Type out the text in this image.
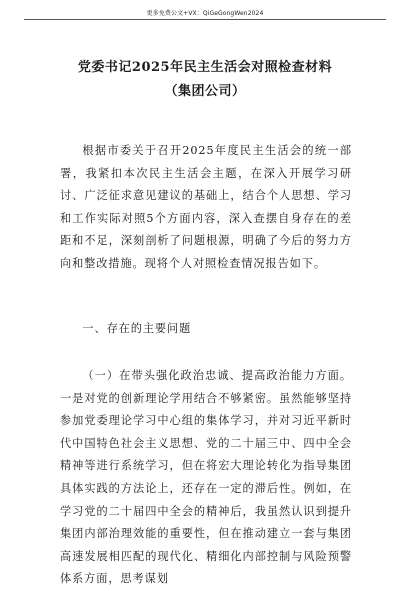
更多免费公文+VX：QiGeGongWen2024
党委书记2025年民主生活会对照检查材料
（集团公司）

根据市委关于召开2025年度民主生活会的统一部署，我紧扣本次民主生活会主题，在深入开展学习研讨、广泛征求意见建议的基础上，结合个人思想、学习和工作实际对照5个方面内容，深入查摆自身存在的差距和不足，深刻剖析了问题根源，明确了今后的努力方向和整改措施。现将个人对照检查情况报告如下。

一、存在的主要问题

（一）在带头强化政治忠诚、提高政治能力方面。一是对党的创新理论学用结合不够紧密。虽然能够坚持参加党委理论学习中心组的集体学习，并对习近平新时代中国特色社会主义思想、党的二十届三中、四中全会精神等进行系统学习，但在将宏大理论转化为指导集团具体实践的方法论上，还存在一定的滞后性。例如，在学习党的二十届四中全会的精神后，我虽然认识到提升集团内部治理效能的重要性，但在推动建立一套与集团高速发展相匹配的现代化、精细化内部控制与风险预警体系方面，思考谋划
